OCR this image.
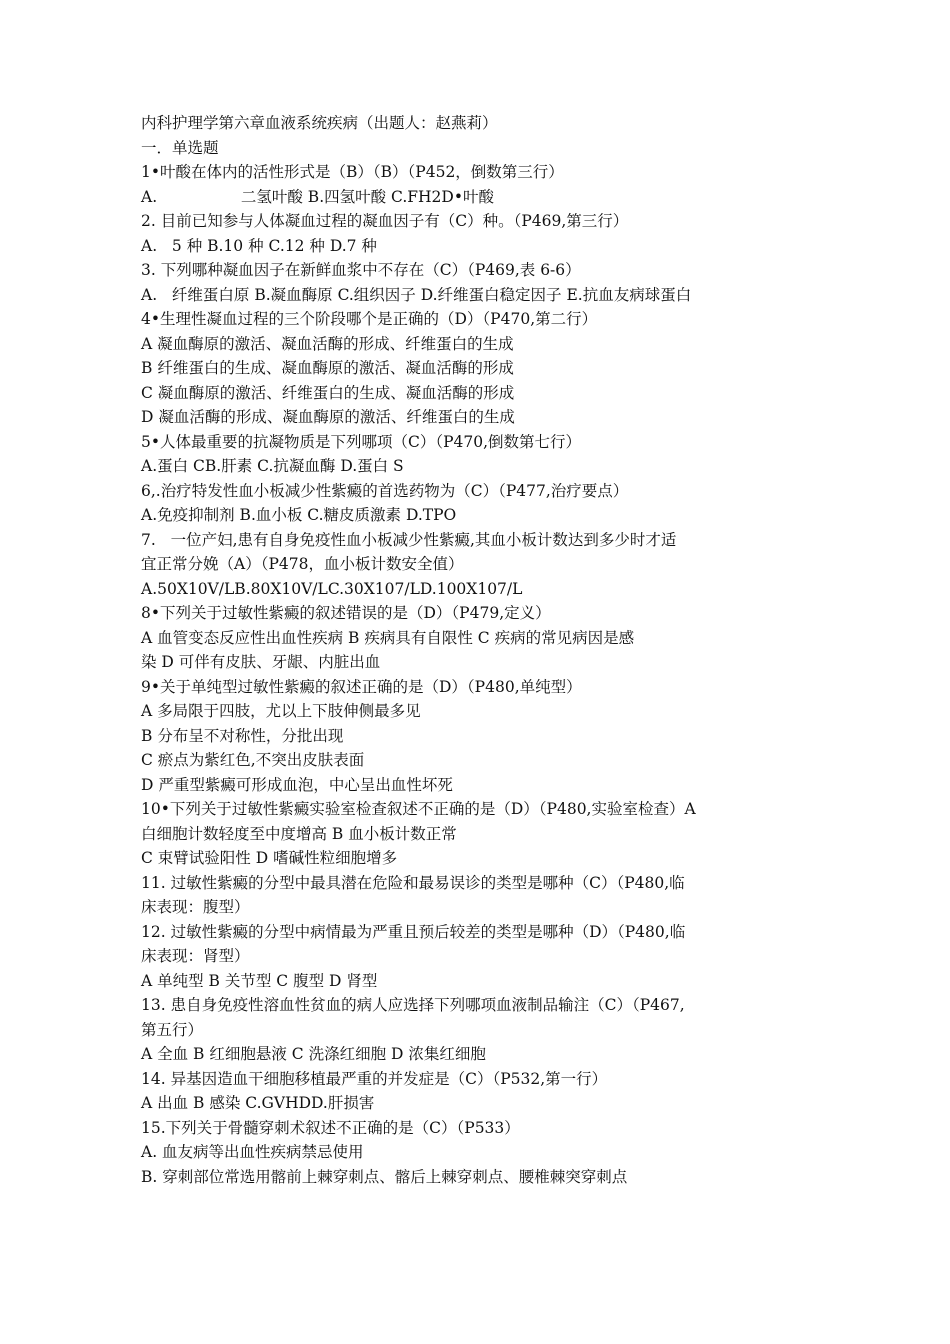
内科护理学第六章血液系统疾病（出题人：赵燕莉）
一．单选题
1•叶酸在体内的活性形式是（B）（B）（P452，倒数第三行）
A.                 二氢叶酸 B.四氢叶酸 C.FH2D•叶酸
2. 目前已知参与人体凝血过程的凝血因子有（C）种。（P469,第三行）
A.   5 种 B.10 种 C.12 种 D.7 种
3. 下列哪种凝血因子在新鲜血浆中不存在（C）（P469,表 6-6）
A.   纤维蛋白原 B.凝血酶原 C.组织因子 D.纤维蛋白稳定因子 E.抗血友病球蛋白
4•生理性凝血过程的三个阶段哪个是正确的（D）（P470,第二行）
A 凝血酶原的激活、凝血活酶的形成、纤维蛋白的生成
B 纤维蛋白的生成、凝血酶原的激活、凝血活酶的形成
C 凝血酶原的激活、纤维蛋白的生成、凝血活酶的形成
D 凝血活酶的形成、凝血酶原的激活、纤维蛋白的生成
5•人体最重要的抗凝物质是下列哪项（C）（P470,倒数第七行）
A.蛋白 CB.肝素 C.抗凝血酶 D.蛋白 S
6,.治疗特发性血小板减少性紫癜的首选药物为（C）（P477,治疗要点）
A.免疫抑制剂 B.血小板 C.糖皮质激素 D.TPO
7.   一位产妇,患有自身免疫性血小板减少性紫癜,其血小板计数达到多少时才适
宜正常分娩（A）（P478，血小板计数安全值）
A.50X10V/LB.80X10V/LC.30X107/LD.100X107/L
8•下列关于过敏性紫癜的叙述错误的是（D）（P479,定义）
A 血管变态反应性出血性疾病 B 疾病具有自限性 C 疾病的常见病因是感
染 D 可伴有皮肤、牙龈、内脏出血
9•关于单纯型过敏性紫癜的叙述正确的是（D）（P480,单纯型）
A 多局限于四肢，尤以上下肢伸侧最多见
B 分布呈不对称性，分批出现
C 瘀点为紫红色,不突出皮肤表面
D 严重型紫癜可形成血泡，中心呈出血性坏死
10•下列关于过敏性紫癜实验室检查叙述不正确的是（D）（P480,实验室检查）A
白细胞计数轻度至中度增高 B 血小板计数正常
C 束臂试验阳性 D 嗜碱性粒细胞增多
11. 过敏性紫癜的分型中最具潜在危险和最易误诊的类型是哪种（C）（P480,临
床表现：腹型）
12. 过敏性紫癜的分型中病情最为严重且预后较差的类型是哪种（D）（P480,临
床表现：肾型）
A 单纯型 B 关节型 C 腹型 D 肾型
13. 患自身免疫性溶血性贫血的病人应选择下列哪项血液制品输注（C）（P467,
第五行）
A 全血 B 红细胞悬液 C 洗涤红细胞 D 浓集红细胞
14. 异基因造血干细胞移植最严重的并发症是（C）（P532,第一行）
A 出血 B 感染 C.GVHDD.肝损害
15.下列关于骨髓穿刺术叙述不正确的是（C）（P533）
A. 血友病等出血性疾病禁忌使用
B. 穿刺部位常选用髂前上棘穿刺点、髂后上棘穿刺点、腰椎棘突穿刺点
